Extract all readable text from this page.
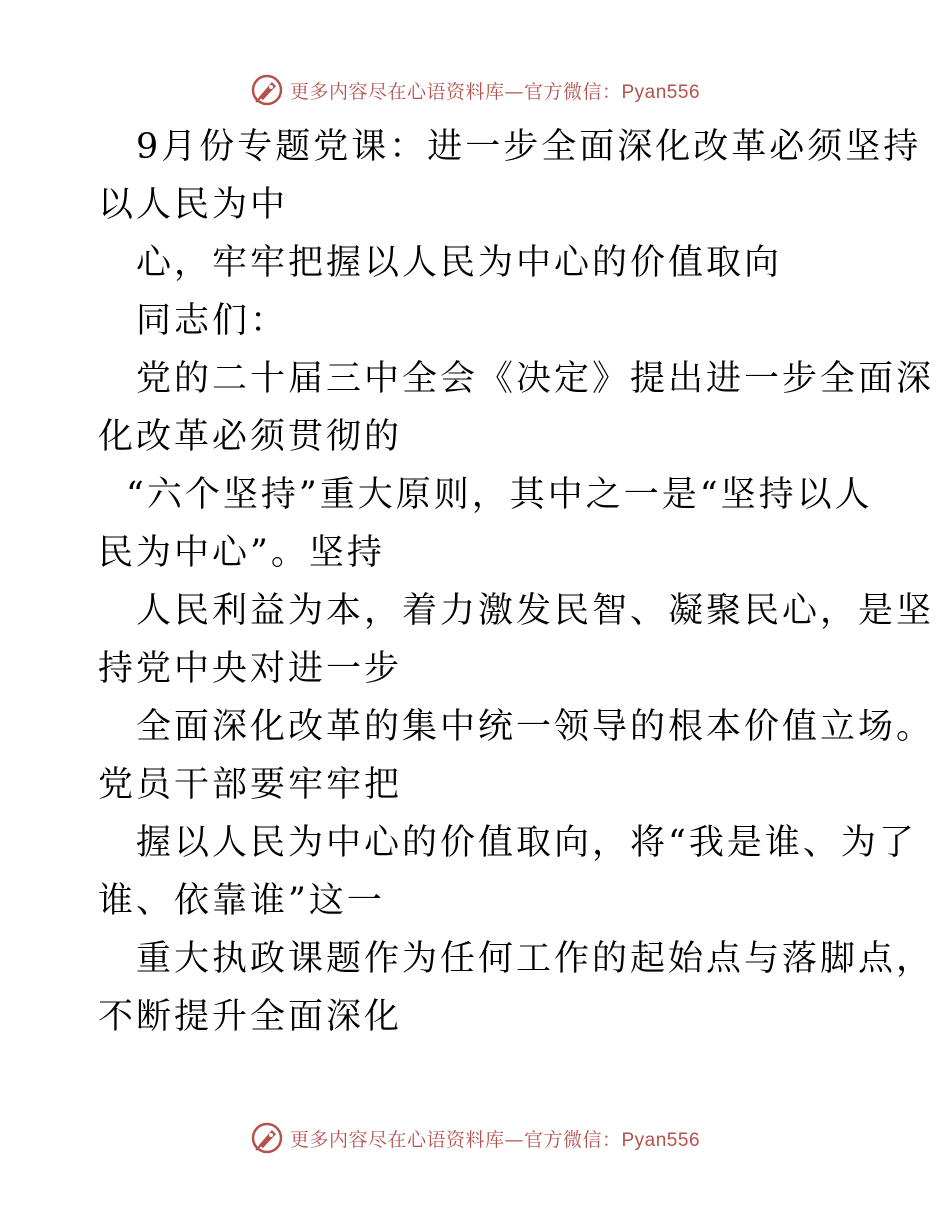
更多内容尽在心语资料库—官方微信：Pyan556
9月份专题党课：进一步全面深化改革必须坚持
以人民为中
心，牢牢把握以人民为中心的价值取向
同志们：
党的二十届三中全会《决定》提出进一步全面深
化改革必须贯彻的
“六个坚持”重大原则，其中之一是“坚持以人
民为中心”。坚持
人民利益为本，着力激发民智、凝聚民心，是坚
持党中央对进一步
全面深化改革的集中统一领导的根本价值立场。
党员干部要牢牢把
握以人民为中心的价值取向，将“我是谁、为了
谁、依靠谁”这一
重大执政课题作为任何工作的起始点与落脚点，
不断提升全面深化
更多内容尽在心语资料库—官方微信：Pyan556
